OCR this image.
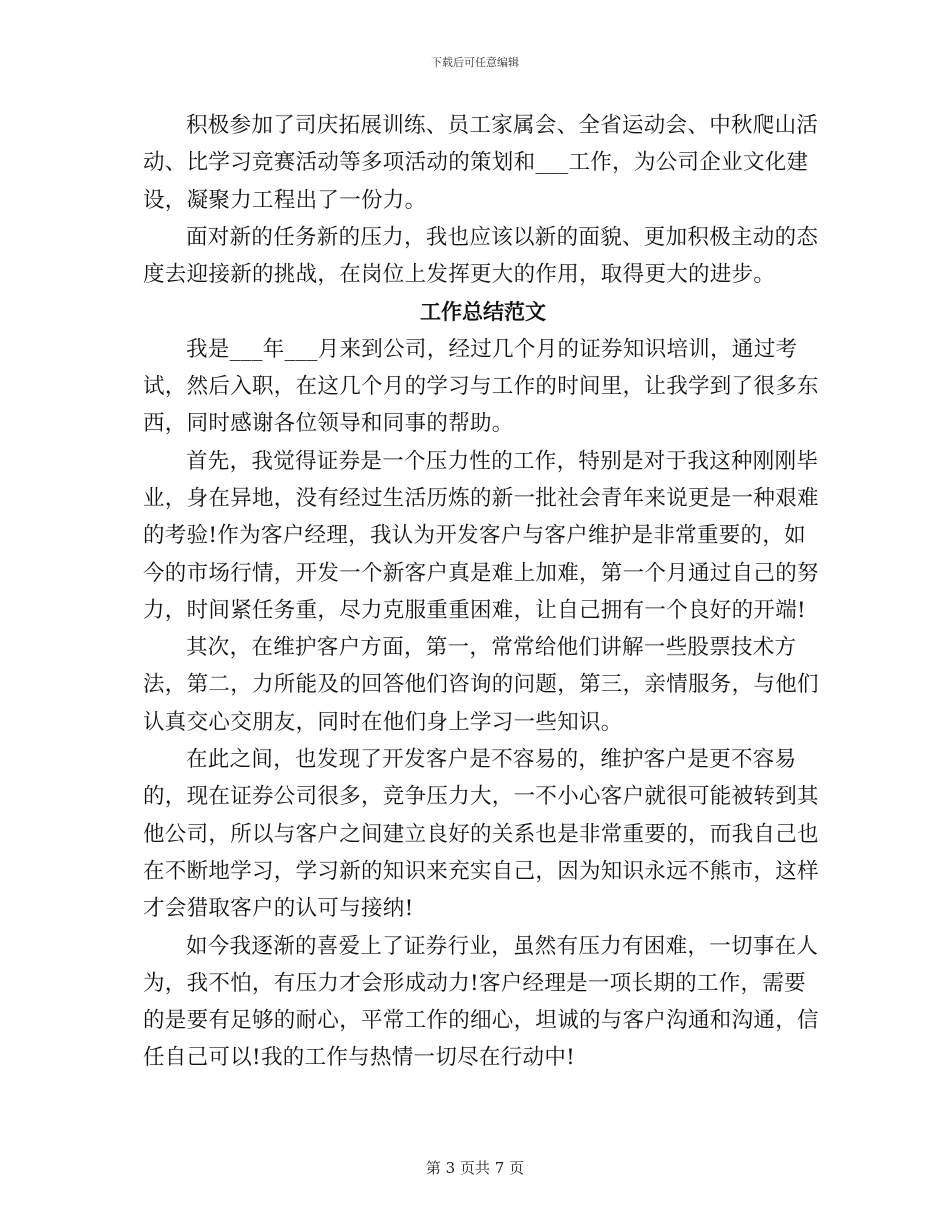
下载后可任意编辑

积极参加了司庆拓展训练、员工家属会、全省运动会、中秋爬山活动、比学习竞赛活动等多项活动的策划和___工作，为公司企业文化建设，凝聚力工程出了一份力。

面对新的任务新的压力，我也应该以新的面貌、更加积极主动的态度去迎接新的挑战，在岗位上发挥更大的作用，取得更大的进步。

工作总结范文

我是___年___月来到公司，经过几个月的证券知识培训，通过考试，然后入职，在这几个月的学习与工作的时间里，让我学到了很多东西，同时感谢各位领导和同事的帮助。

首先，我觉得证券是一个压力性的工作，特别是对于我这种刚刚毕业，身在异地，没有经过生活历炼的新一批社会青年来说更是一种艰难的考验!作为客户经理，我认为开发客户与客户维护是非常重要的，如今的市场行情，开发一个新客户真是难上加难，第一个月通过自己的努力，时间紧任务重，尽力克服重重困难，让自己拥有一个良好的开端!

其次，在维护客户方面，第一，常常给他们讲解一些股票技术方法，第二，力所能及的回答他们咨询的问题，第三，亲情服务，与他们认真交心交朋友，同时在他们身上学习一些知识。

在此之间，也发现了开发客户是不容易的，维护客户是更不容易的，现在证券公司很多，竞争压力大，一不小心客户就很可能被转到其他公司，所以与客户之间建立良好的关系也是非常重要的，而我自己也在不断地学习，学习新的知识来充实自己，因为知识永远不熊市，这样才会猎取客户的认可与接纳!

如今我逐渐的喜爱上了证券行业，虽然有压力有困难，一切事在人为，我不怕，有压力才会形成动力!客户经理是一项长期的工作，需要的是要有足够的耐心，平常工作的细心，坦诚的与客户沟通和沟通，信任自己可以!我的工作与热情一切尽在行动中!

第 3 页共 7 页
